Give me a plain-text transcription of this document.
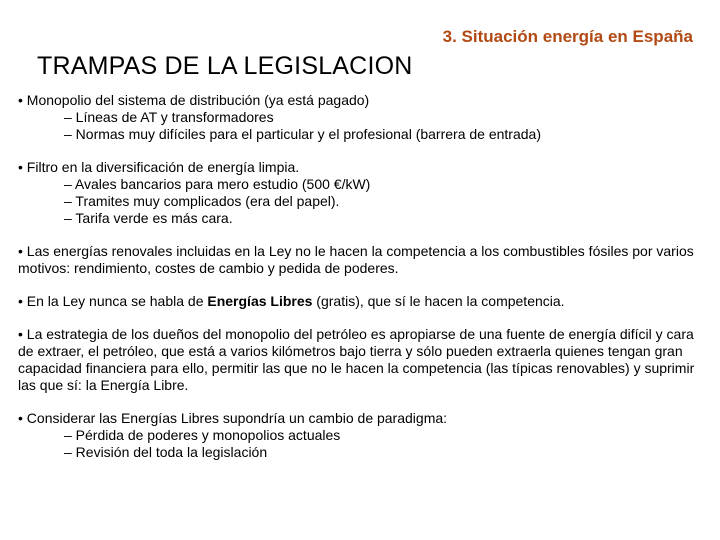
3. Situación energía en España
TRAMPAS DE LA LEGISLACION
• Monopolio del sistema de distribución (ya está pagado)
– Líneas de AT y transformadores
– Normas muy difíciles para el particular y el profesional (barrera de entrada)
• Filtro en la diversificación de energía limpia.
– Avales bancarios para mero estudio (500 €/kW)
– Tramites muy complicados (era del papel).
– Tarifa verde es más cara.
• Las energías renovales incluidas en la Ley no le hacen la competencia a los combustibles fósiles por varios motivos: rendimiento, costes de cambio y pedida de poderes.
• En la Ley nunca se habla de Energías Libres (gratis), que sí le hacen la competencia.
• La estrategia de los dueños del monopolio del petróleo es apropiarse de una fuente de energía difícil y cara de extraer, el petróleo, que está a varios kilómetros bajo tierra y sólo pueden extraerla quienes tengan gran capacidad financiera para ello, permitir las que no le hacen la competencia (las típicas renovables) y suprimir las que sí: la Energía Libre.
• Considerar las Energías Libres supondría un cambio de paradigma:
– Pérdida de poderes y monopolios actuales
– Revisión del toda la legislación
